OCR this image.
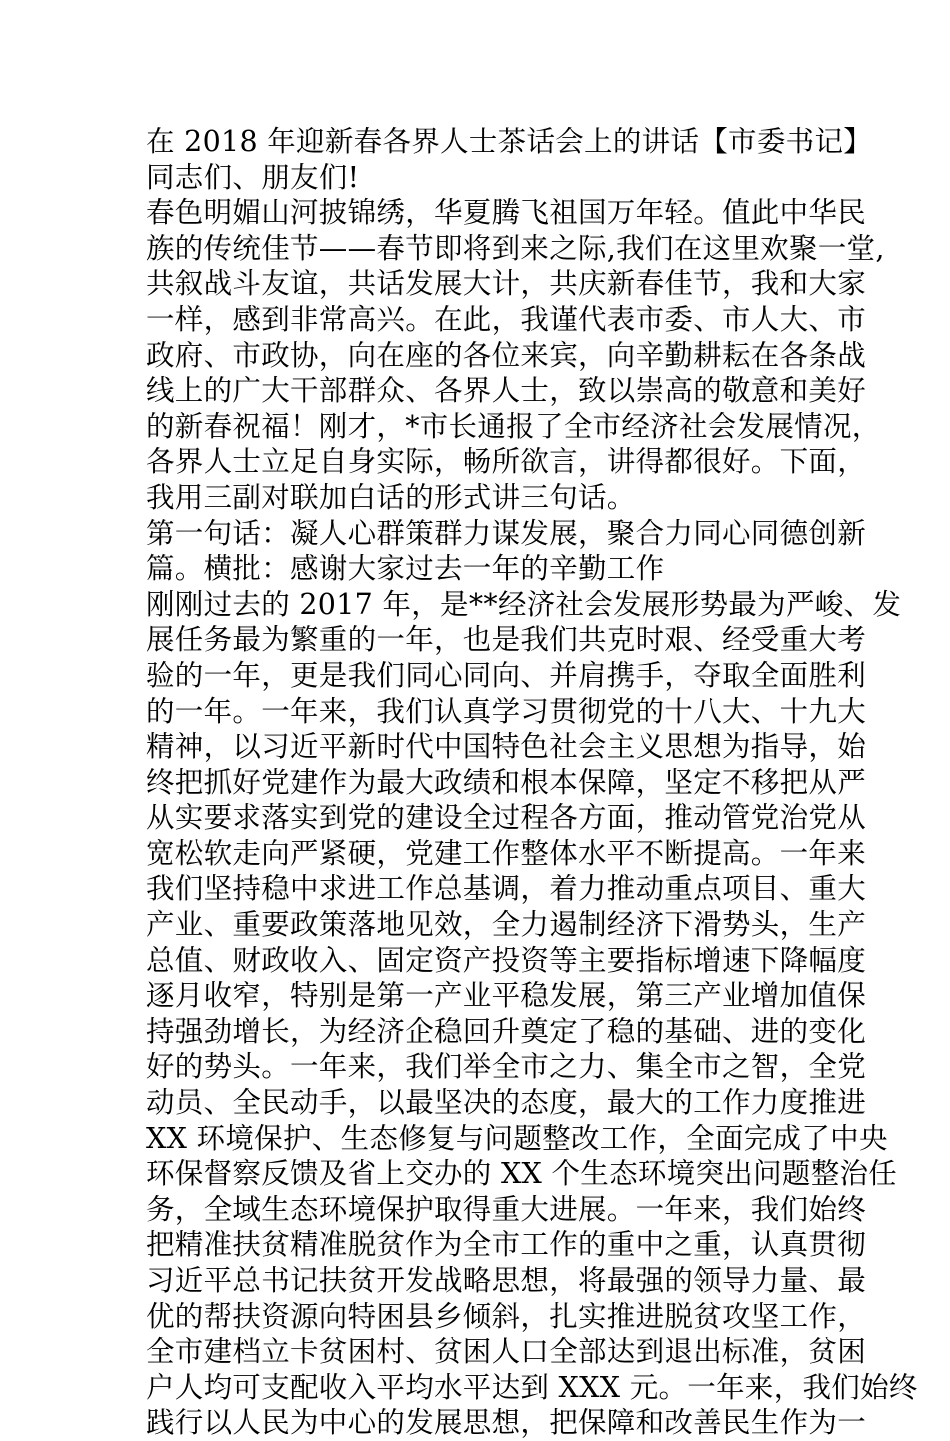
在 2018 年迎新春各界人士茶话会上的讲话【市委书记】
同志们、朋友们!
春色明媚山河披锦绣，华夏腾飞祖国万年轻。值此中华民
族的传统佳节——春节即将到来之际,我们在这里欢聚一堂,
共叙战斗友谊，共话发展大计，共庆新春佳节，我和大家
一样，感到非常高兴。在此，我谨代表市委、市人大、市
政府、市政协，向在座的各位来宾，向辛勤耕耘在各条战
线上的广大干部群众、各界人士，致以崇高的敬意和美好
的新春祝福！刚才，*市长通报了全市经济社会发展情况，
各界人士立足自身实际，畅所欲言，讲得都很好。下面，
我用三副对联加白话的形式讲三句话。
第一句话：凝人心群策群力谋发展，聚合力同心同德创新
篇。横批：感谢大家过去一年的辛勤工作
刚刚过去的 2017 年，是**经济社会发展形势最为严峻、发
展任务最为繁重的一年，也是我们共克时艰、经受重大考
验的一年，更是我们同心同向、并肩携手，夺取全面胜利
的一年。一年来，我们认真学习贯彻党的十八大、十九大
精神，以习近平新时代中国特色社会主义思想为指导，始
终把抓好党建作为最大政绩和根本保障，坚定不移把从严
从实要求落实到党的建设全过程各方面，推动管党治党从
宽松软走向严紧硬，党建工作整体水平不断提高。一年来
我们坚持稳中求进工作总基调，着力推动重点项目、重大
产业、重要政策落地见效，全力遏制经济下滑势头，生产
总值、财政收入、固定资产投资等主要指标增速下降幅度
逐月收窄，特别是第一产业平稳发展，第三产业增加值保
持强劲增长，为经济企稳回升奠定了稳的基础、进的变化
好的势头。一年来，我们举全市之力、集全市之智，全党
动员、全民动手，以最坚决的态度，最大的工作力度推进
XX 环境保护、生态修复与问题整改工作，全面完成了中央
环保督察反馈及省上交办的 XX 个生态环境突出问题整治任
务，全域生态环境保护取得重大进展。一年来，我们始终
把精准扶贫精准脱贫作为全市工作的重中之重，认真贯彻
习近平总书记扶贫开发战略思想，将最强的领导力量、最
优的帮扶资源向特困县乡倾斜，扎实推进脱贫攻坚工作，
全市建档立卡贫困村、贫困人口全部达到退出标准，贫困
户人均可支配收入平均水平达到 XXX 元。一年来，我们始终
践行以人民为中心的发展思想，把保障和改善民生作为一
